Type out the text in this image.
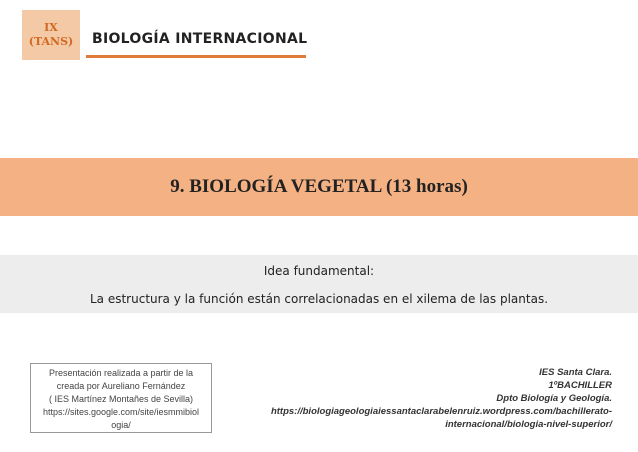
IX
(TANS)	BIOLOGÍA INTERNACIONAL
9. BIOLOGÍA VEGETAL (13 horas)
Idea fundamental:
La estructura y la función están correlacionadas en el xilema de las plantas.
Presentación realizada a partir de la
creada por Aureliano Fernández
( IES Martínez Montañes de Sevilla)
https://sites.google.com/site/iesmmibiol
ogia/
IES Santa Clara.
1ºBACHILLER
Dpto Biología y Geología.
https://biologiageologiaiessantaclarabelenruiz.wordpress.com/bachillerato-
internacional/biologia-nivel-superior/
